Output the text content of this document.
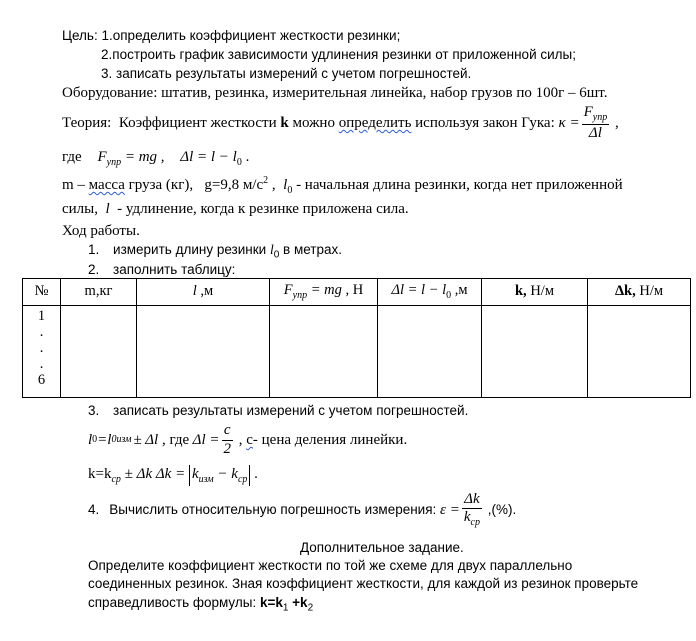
Цель: 1.определить коэффициент жесткости резинки;
2.построить график зависимости удлинения резинки от приложенной силы;
3. записать результаты измерений с учетом погрешностей.
Оборудование: штатив, резинка, измерительная линейка, набор грузов по 100г – 6шт.
Теория:  Коэффициент жесткости k можно определить используя закон Гука: $\kappa = \frac{F_{упр}}{\Delta l}$ ,
где $F_{упр}$ = mg , $\Delta l = l - l_0$ .
m – масса груза (кг),   g=9,8 $м/с^2$ ,  $l_0$ - начальная длина резинки, когда нет приложенной
силы,  l  - удлинение, когда к резинке приложена сила.
Ход работы.
1. измерить длину резинки $l_0$ в метрах.
2. заполнить таблицу:
№	m,кг	l ,м	$F_{упр}$ = mg , Н	$\Delta l = l - l_0$ ,м	k, Н/м	Δk, Н/м

1
.
.
.
6						

3. записать результаты измерений с учетом погрешностей.
l 0 =l 0изм ± Δl , где $\Delta l = \frac{c}{2}$ , с - цена деления линейки.
$k=k_{ср} \pm \Delta k$ $\Delta k = k_{изм} - k_{ср}$ .
4. Вычислить относительную погрешность измерения: $\varepsilon = \frac{\Delta k}{k_{ср}}$ ,(%).
Дополнительное задание.
Определите коэффициент жесткости по той же схеме для двух параллельно
соединенных резинок. Зная коэффициент жесткости, для каждой из резинок проверьте
справедливость формулы: $k=k_1 +k_2$
